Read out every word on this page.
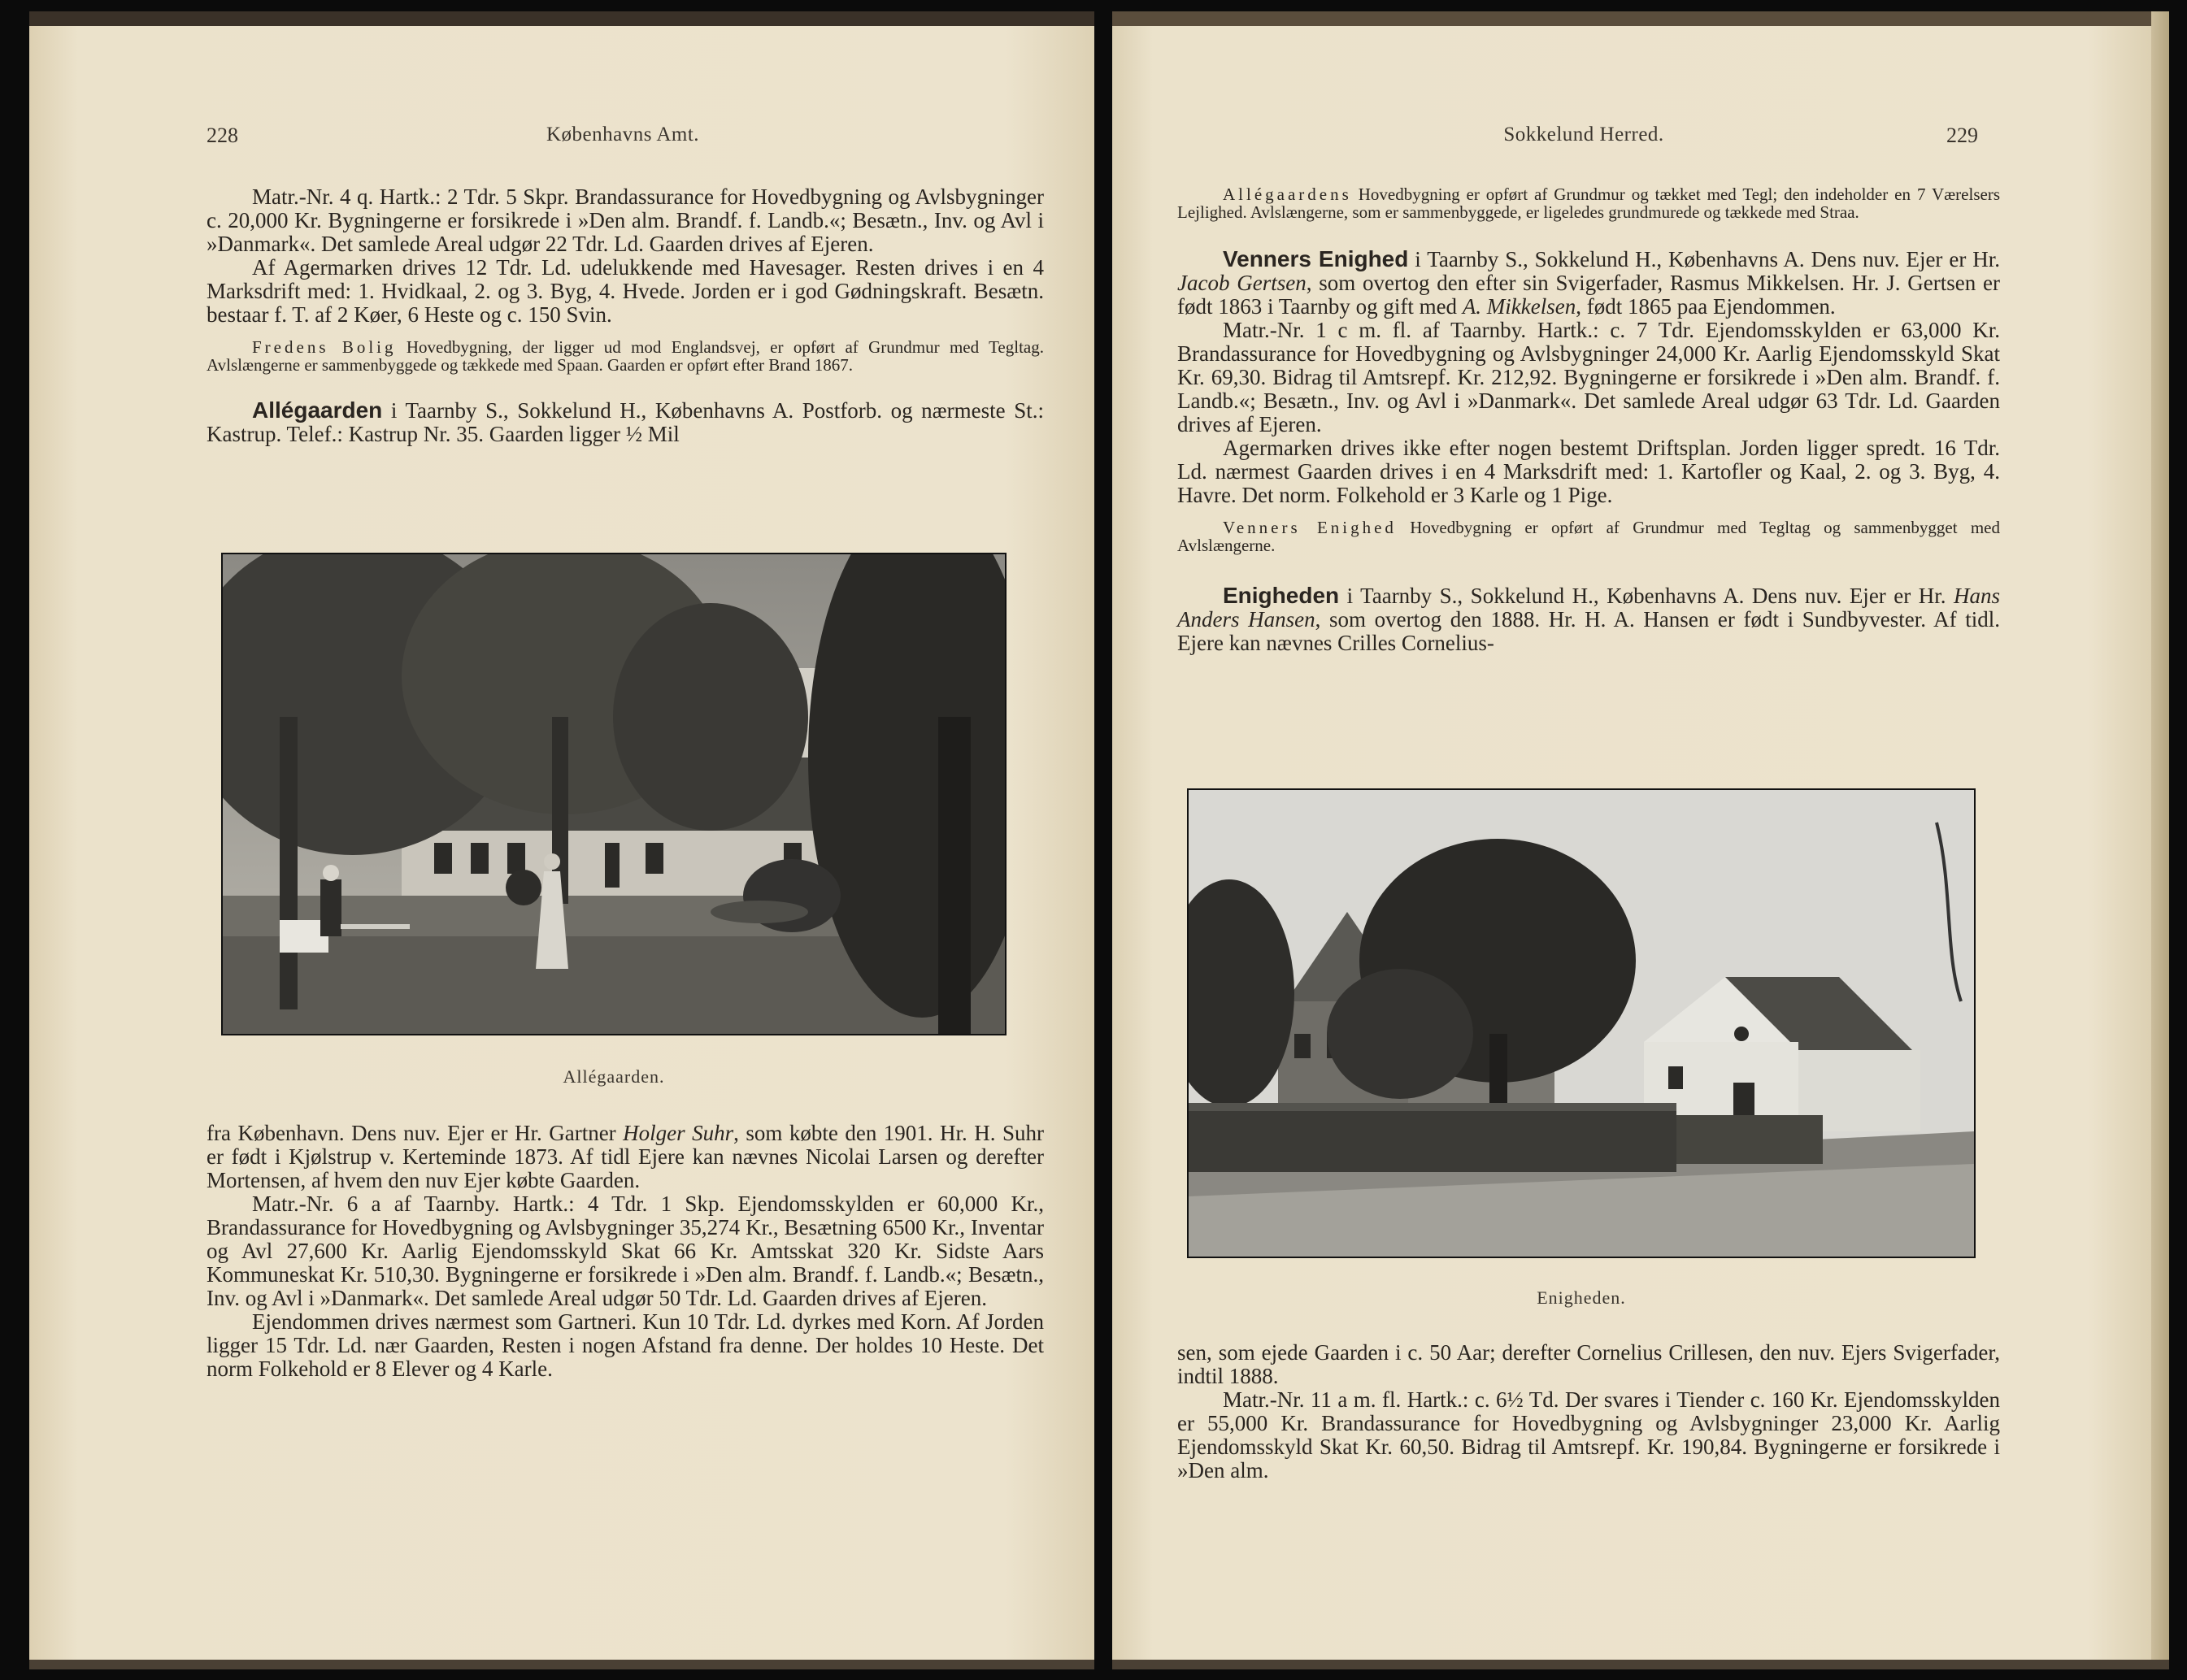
228	Københavns Amt.

Matr.-Nr. 4 q. Hartk.: 2 Tdr. 5 Skpr. Brandassurance for Hovedbygning og Avlsbygninger c. 20,000 Kr. Bygningerne er forsikrede i »Den alm. Brandf. f. Landb.«; Besætn., Inv. og Avl i »Danmark«. Det samlede Areal udgør 22 Tdr. Ld. Gaarden drives af Ejeren.

Af Agermarken drives 12 Tdr. Ld. udelukkende med Havesager. Resten drives i en 4 Marksdrift med: 1. Hvidkaal, 2. og 3. Byg, 4. Hvede. Jorden er i god Gødningskraft. Besætn. bestaar f. T. af 2 Køer, 6 Heste og c. 150 Svin.

Fredens Bolig Hovedbygning, der ligger ud mod Englandsvej, er opført af Grundmur med Tegltag. Avlslængerne er sammenbyggede og tækkede med Spaan. Gaarden er opført efter Brand 1867.

Allégaarden i Taarnby S., Sokkelund H., Københavns A. Postforb. og nærmeste St.: Kastrup. Telef.: Kastrup Nr. 35. Gaarden ligger ½ Mil

Allégaarden.

fra København. Dens nuv. Ejer er Hr. Gartner Holger Suhr, som købte den 1901. Hr. H. Suhr er født i Kjølstrup v. Kerteminde 1873. Af tidl Ejere kan nævnes Nicolai Larsen og derefter Mortensen, af hvem den nuv Ejer købte Gaarden.

Matr.-Nr. 6 a af Taarnby. Hartk.: 4 Tdr. 1 Skp. Ejendomsskylden er 60,000 Kr., Brandassurance for Hovedbygning og Avlsbygninger 35,274 Kr., Besætning 6500 Kr., Inventar og Avl 27,600 Kr. Aarlig Ejendomsskyld Skat 66 Kr. Amtsskat 320 Kr. Sidste Aars Kommuneskat Kr. 510,30. Bygningerne er forsikrede i »Den alm. Brandf. f. Landb.«; Besætn., Inv. og Avl i »Danmark«. Det samlede Areal udgør 50 Tdr. Ld. Gaarden drives af Ejeren.

Ejendommen drives nærmest som Gartneri. Kun 10 Tdr. Ld. dyrkes med Korn. Af Jorden ligger 15 Tdr. Ld. nær Gaarden, Resten i nogen Afstand fra denne. Der holdes 10 Heste. Det norm Folkehold er 8 Elever og 4 Karle.

Sokkelund Herred.	229

Allégaardens Hovedbygning er opført af Grundmur og tækket med Tegl; den indeholder en 7 Værelsers Lejlighed. Avlslængerne, som er sammenbyggede, er ligeledes grundmurede og tækkede med Straa.

Venners Enighed i Taarnby S., Sokkelund H., Københavns A. Dens nuv. Ejer er Hr. Jacob Gertsen, som overtog den efter sin Svigerfader, Rasmus Mikkelsen. Hr. J. Gertsen er født 1863 i Taarnby og gift med A. Mikkelsen, født 1865 paa Ejendommen.

Matr.-Nr. 1 c m. fl. af Taarnby. Hartk.: c. 7 Tdr. Ejendomsskylden er 63,000 Kr. Brandassurance for Hovedbygning og Avlsbygninger 24,000 Kr. Aarlig Ejendomsskyld Skat Kr. 69,30. Bidrag til Amtsrepf. Kr. 212,92. Bygningerne er forsikrede i »Den alm. Brandf. f. Landb.«; Besætn., Inv. og Avl i »Danmark«. Det samlede Areal udgør 63 Tdr. Ld. Gaarden drives af Ejeren.

Agermarken drives ikke efter nogen bestemt Driftsplan. Jorden ligger spredt. 16 Tdr. Ld. nærmest Gaarden drives i en 4 Marksdrift med: 1. Kartofler og Kaal, 2. og 3. Byg, 4. Havre. Det norm. Folkehold er 3 Karle og 1 Pige.

Venners Enighed Hovedbygning er opført af Grundmur med Tegltag og sammenbygget med Avlslængerne.

Enigheden i Taarnby S., Sokkelund H., Københavns A. Dens nuv. Ejer er Hr. Hans Anders Hansen, som overtog den 1888. Hr. H. A. Hansen er født i Sundbyvester. Af tidl. Ejere kan nævnes Crilles Cornelius-

Enigheden.

sen, som ejede Gaarden i c. 50 Aar; derefter Cornelius Crillesen, den nuv. Ejers Svigerfader, indtil 1888.

Matr.-Nr. 11 a m. fl. Hartk.: c. 6½ Td. Der svares i Tiender c. 160 Kr. Ejendomsskylden er 55,000 Kr. Brandassurance for Hovedbygning og Avlsbygninger 23,000 Kr. Aarlig Ejendomsskyld Skat Kr. 60,50. Bidrag til Amtsrepf. Kr. 190,84. Bygningerne er forsikrede i »Den alm.
